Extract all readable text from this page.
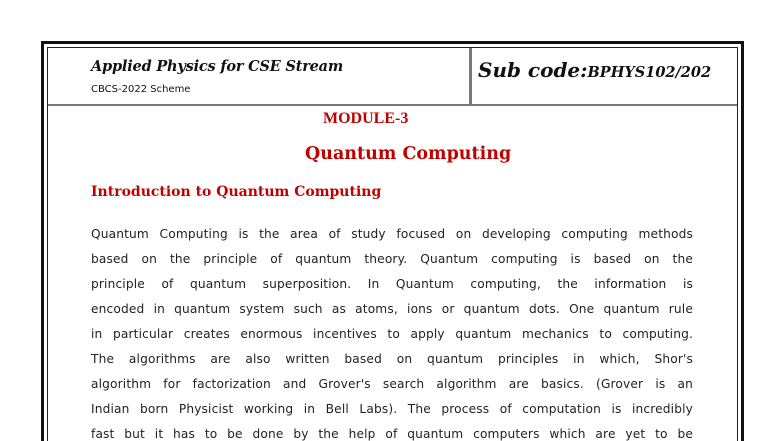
Applied Physics for CSE Stream
CBCS-2022 Scheme
Sub code:BPHYS102/202
MODULE-3
Quantum Computing
Introduction to Quantum Computing
Quantum Computing is the area of study focused on developing computing methods
based on the principle of quantum theory. Quantum computing is based on the
principle of quantum superposition. In Quantum computing, the information is
encoded in quantum system such as atoms, ions or quantum dots. One quantum rule
in particular creates enormous incentives to apply quantum mechanics to computing.
The algorithms are also written based on quantum principles in which, Shor's
algorithm for factorization and Grover's search algorithm are basics. (Grover is an
Indian born Physicist working in Bell Labs). The process of computation is incredibly
fast but it has to be done by the help of quantum computers which are yet to be
